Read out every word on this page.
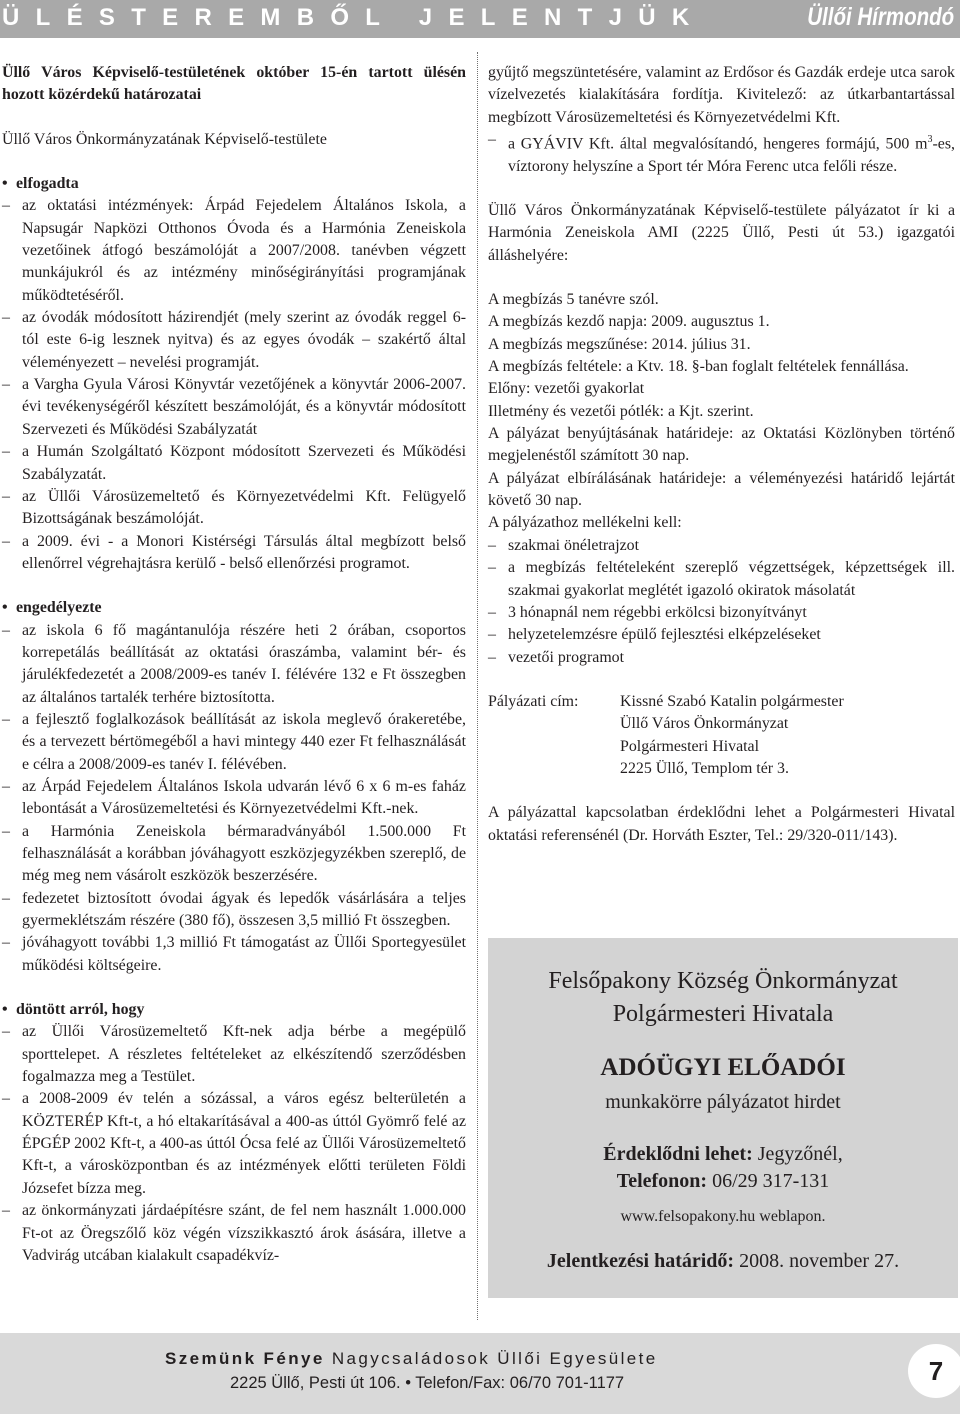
ÜLÉSTEREMBŐL JELENTJÜK	Üllői Hírmondó

Üllő Város Képviselő-testületének október 15-én tartott ülésén hozott közérdekű határozatai

Üllő Város Önkormányzatának Képviselő-testülete

• elfogadta
– az oktatási intézmények: Árpád Fejedelem Általános Iskola, a Napsugár Napközi Otthonos Óvoda és a Harmónia Zeneiskola vezetőinek átfogó beszámolóját a 2007/2008. tanévben végzett munkájukról és az intézmény minőségirányítási programjának működtetéséről.
– az óvodák módosított házirendjét (mely szerint az óvodák reggel 6-tól este 6-ig lesznek nyitva) és az egyes óvodák – szakértő által véleményezett – nevelési programját.
– a Vargha Gyula Városi Könyvtár vezetőjének a könyvtár 2006-2007. évi tevékenységéről készített beszámolóját, és a könyvtár módosított Szervezeti és Működési Szabályzatát
– a Humán Szolgáltató Központ módosított Szervezeti és Működési Szabályzatát.
– az Üllői Városüzemeltető és Környezetvédelmi Kft. Felügyelő Bizottságának beszámolóját.
– a 2009. évi - a Monori Kistérségi Társulás által megbízott belső ellenőrrel végrehajtásra kerülő - belső ellenőrzési programot.
• engedélyezte
– az iskola 6 fő magántanulója részére heti 2 órában, csoportos korrepetálás beállítását az oktatási óraszámba, valamint bér- és járulékfedezetét a 2008/2009-es tanév I. félévére 132 e Ft összegben az általános tartalék terhére biztosította.
– a fejlesztő foglalkozások beállítását az iskola meglevő órakeretébe, és a tervezett bértömegéből a havi mintegy 440 ezer Ft felhasználását e célra a 2008/2009-es tanév I. félévében.
– az Árpád Fejedelem Általános Iskola udvarán lévő 6 x 6 m-es faház lebontását a Városüzemeltetési és Környezetvédelmi Kft.-nek.
– a Harmónia Zeneiskola bérmaradványából 1.500.000 Ft felhasználását a korábban jóváhagyott eszközjegyzékben szereplő, de még meg nem vásárolt eszközök beszerzésére.
– fedezetet biztosított óvodai ágyak és lepedők vásárlására a teljes gyermeklétszám részére (380 fő), összesen 3,5 millió Ft összegben.
– jóváhagyott további 1,3 millió Ft támogatást az Üllői Sportegyesület működési költségeire.
• döntött arról, hogy
– az Üllői Városüzemeltető Kft-nek adja bérbe a megépülő sporttelepet. A részletes feltételeket az elkészítendő szerződésben fogalmazza meg a Testület.
– a 2008-2009 év telén a sózással, a város egész belterületén a KÖZTERÉP Kft-t, a hó eltakarításával a 400-as úttól Gyömrő felé az ÉPGÉP 2002 Kft-t, a 400-as úttól Ócsa felé az Üllői Városüzemeltető Kft-t, a városközpontban és az intézmények előtti területen Földi Józsefet bízza meg.
– az önkormányzati járdaépítésre szánt, de fel nem használt 1.000.000 Ft-ot az Öregszőlő köz végén vízszikkasztó árok ásására, illetve a Vadvirág utcában kialakult csapadékvíz-

gyűjtő megszüntetésére, valamint az Erdősor és Gazdák erdeje utca sarok vízelvezetés kialakítására fordítja. Kivitelező: az útkarbantartással megbízott Városüzemeltetési és Környezetvédelmi Kft.

– a GYÁVIV Kft. által megvalósítandó, hengeres formájú, 500 $m^3-es$, víztorony helyszíne a Sport tér Móra Ferenc utca felőli része.

Üllő Város Önkormányzatának Képviselő-testülete pályázatot ír ki a Harmónia Zeneiskola AMI (2225 Üllő, Pesti út 53.) igazgatói álláshelyére:

A megbízás 5 tanévre szól.

A megbízás kezdő napja: 2009. augusztus 1.

A megbízás megszűnése: 2014. július 31.

A megbízás feltétele: a Ktv. 18. §-ban foglalt feltételek fennállása.

Előny: vezetői gyakorlat

Illetmény és vezetői pótlék: a Kjt. szerint.

A pályázat benyújtásának határideje: az Oktatási Közlönyben történő megjelenéstől számított 30 nap.

A pályázat elbírálásának határideje: a véleményezési határidő lejártát követő 30 nap.

A pályázathoz mellékelni kell:

– szakmai önéletrajzot
– a megbízás feltételeként szereplő végzettségek, képzettségek ill. szakmai gyakorlat meglétét igazoló okiratok másolatát
– 3 hónapnál nem régebbi erkölcsi bizonyítványt
– helyzetelemzésre épülő fejlesztési elképzeléseket
– vezetői programot
Pályázati cím:	Kissné Szabó Katalin polgármester
Üllő Város Önkormányzat
Polgármesteri Hivatal
2225 Üllő, Templom tér 3.

A pályázattal kapcsolatban érdeklődni lehet a Polgármesteri Hivatal oktatási referensénél (Dr. Horváth Eszter, Tel.: 29/320-011/143).

Felsőpakony Község Önkormányzat
Polgármesteri Hivatala
ADÓÜGYI ELŐADÓI
munkakörre pályázatot hirdet
Érdeklődni lehet: Jegyzőnél,
Telefonon: 06/29 317-131
www.felsopakony.hu weblapon.
Jelentkezési határidő: 2008. november 27.
Szemünk Fénye Nagycsaládosok Üllői Egyesülete
2225 Üllő, Pesti út 106. • Telefon/Fax: 06/70 701-1177	7
